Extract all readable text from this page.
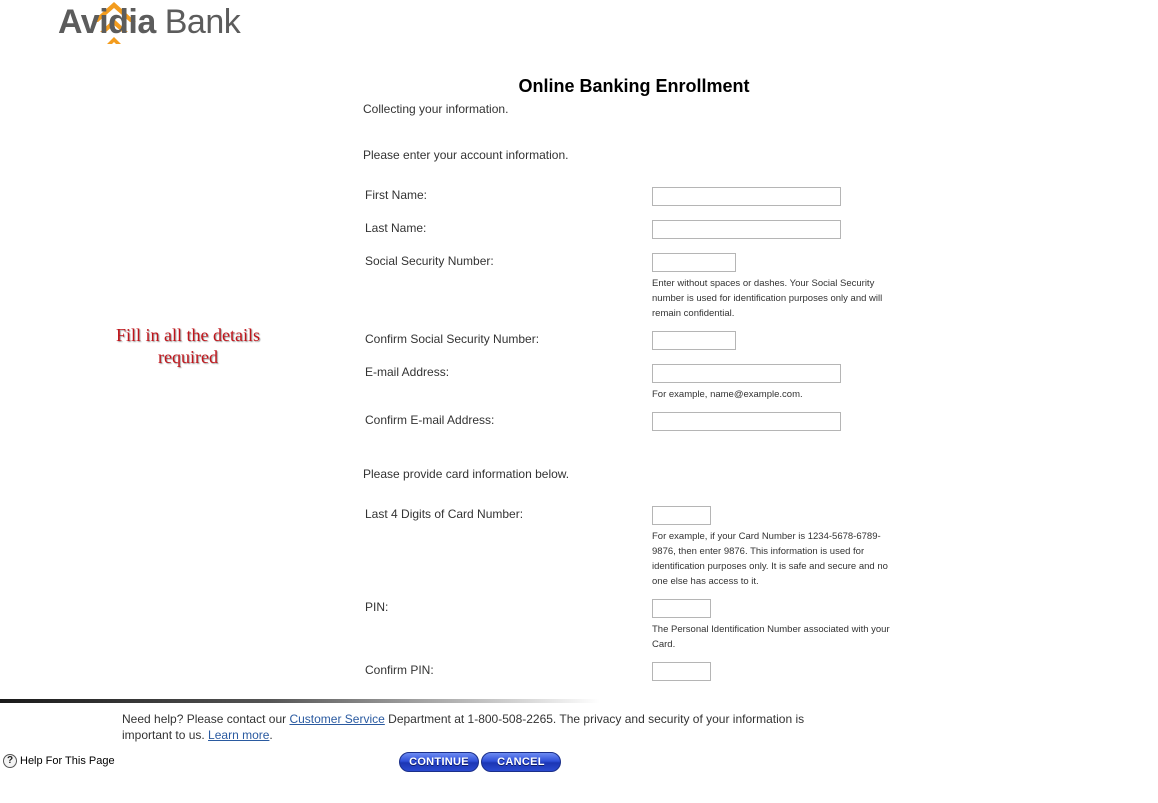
Avidia Bank
Online Banking Enrollment
Collecting your information.
Please enter your account information.
First Name:
Last Name:
Social Security Number:
Enter without spaces or dashes. Your Social Security number is used for identification purposes only and will remain confidential.
Confirm Social Security Number:
E-mail Address:
For example, name@example.com.
Confirm E-mail Address:
Please provide card information below.
Last 4 Digits of Card Number:
For example, if your Card Number is 1234-5678-6789-9876, then enter 9876. This information is used for identification purposes only. It is safe and secure and no one else has access to it.
PIN:
The Personal Identification Number associated with your Card.
Confirm PIN:
Fill in all the details required
Need help? Please contact our Customer Service Department at 1-800-508-2265. The privacy and security of your information is important to us. Learn more.
? Help For This Page	CONTINUE	CANCEL
